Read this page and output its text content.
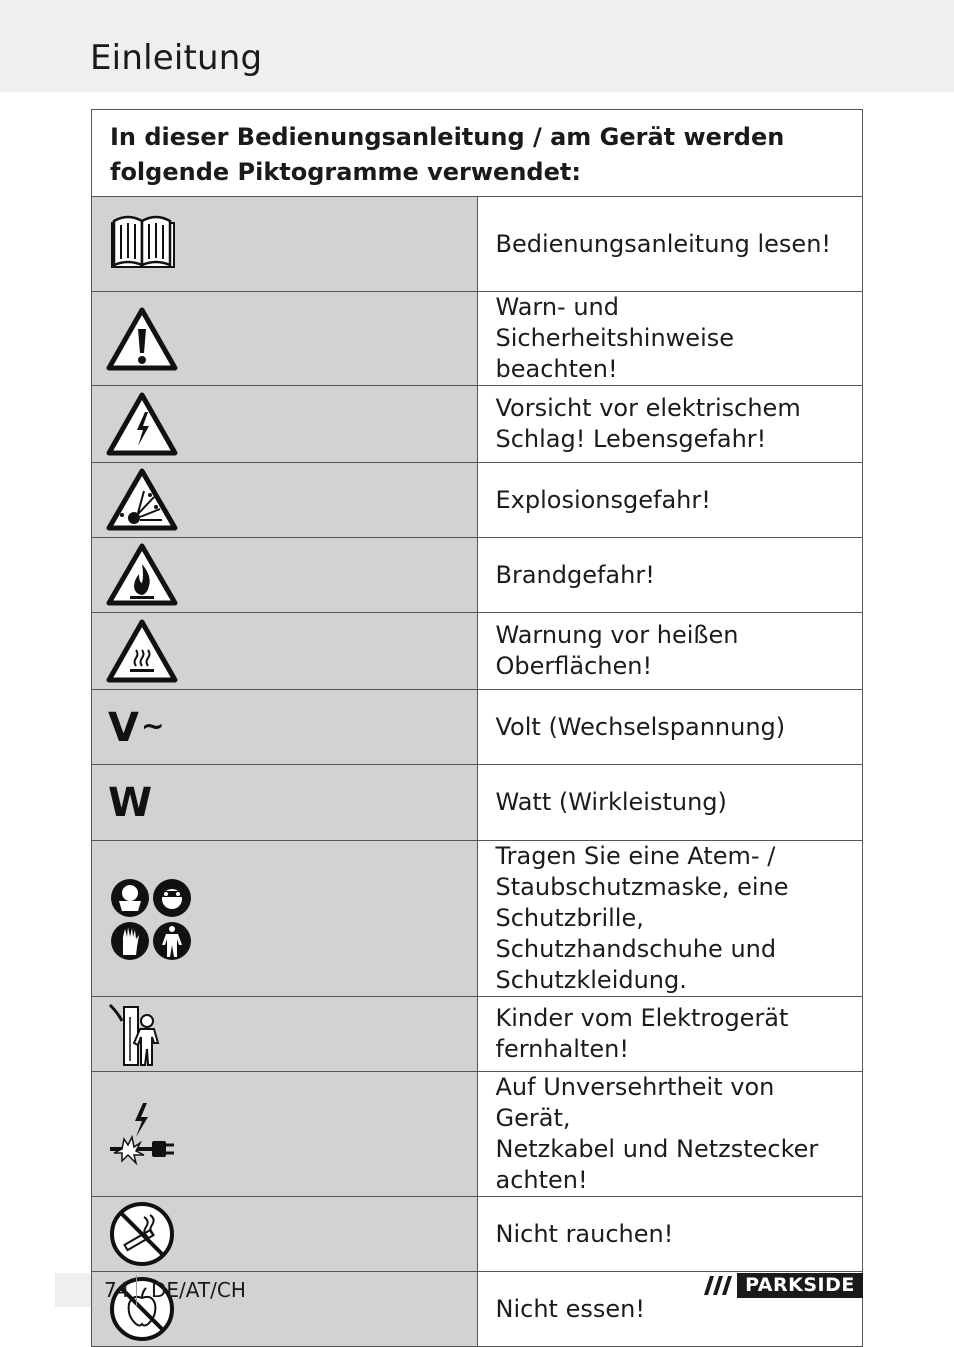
Einleitung
In dieser Bedienungsanleitung / am Gerät werden
folgende Piktogramme verwendet:	

	Bedienungsanleitung lesen!

	Warn- und Sicherheitshinweise beachten!

	Vorsicht vor elektrischem Schlag! Lebensgefahr!

	Explosionsgefahr!

	Brandgefahr!

	Warnung vor heißen Oberflächen!

V~	Volt (Wechselspannung)

W	Watt (Wirkleistung)

	Tragen Sie eine Atem- / Staubschutzmaske, eine
Schutzbrille, Schutzhandschuhe und Schutzkleidung.

	Kinder vom Elektrogerät fernhalten!

	Auf Unversehrtheit von Gerät,
Netzkabel und Netzstecker achten!

	Nicht rauchen!

	Nicht essen!
74 DE/AT/CH	PARKSIDE
